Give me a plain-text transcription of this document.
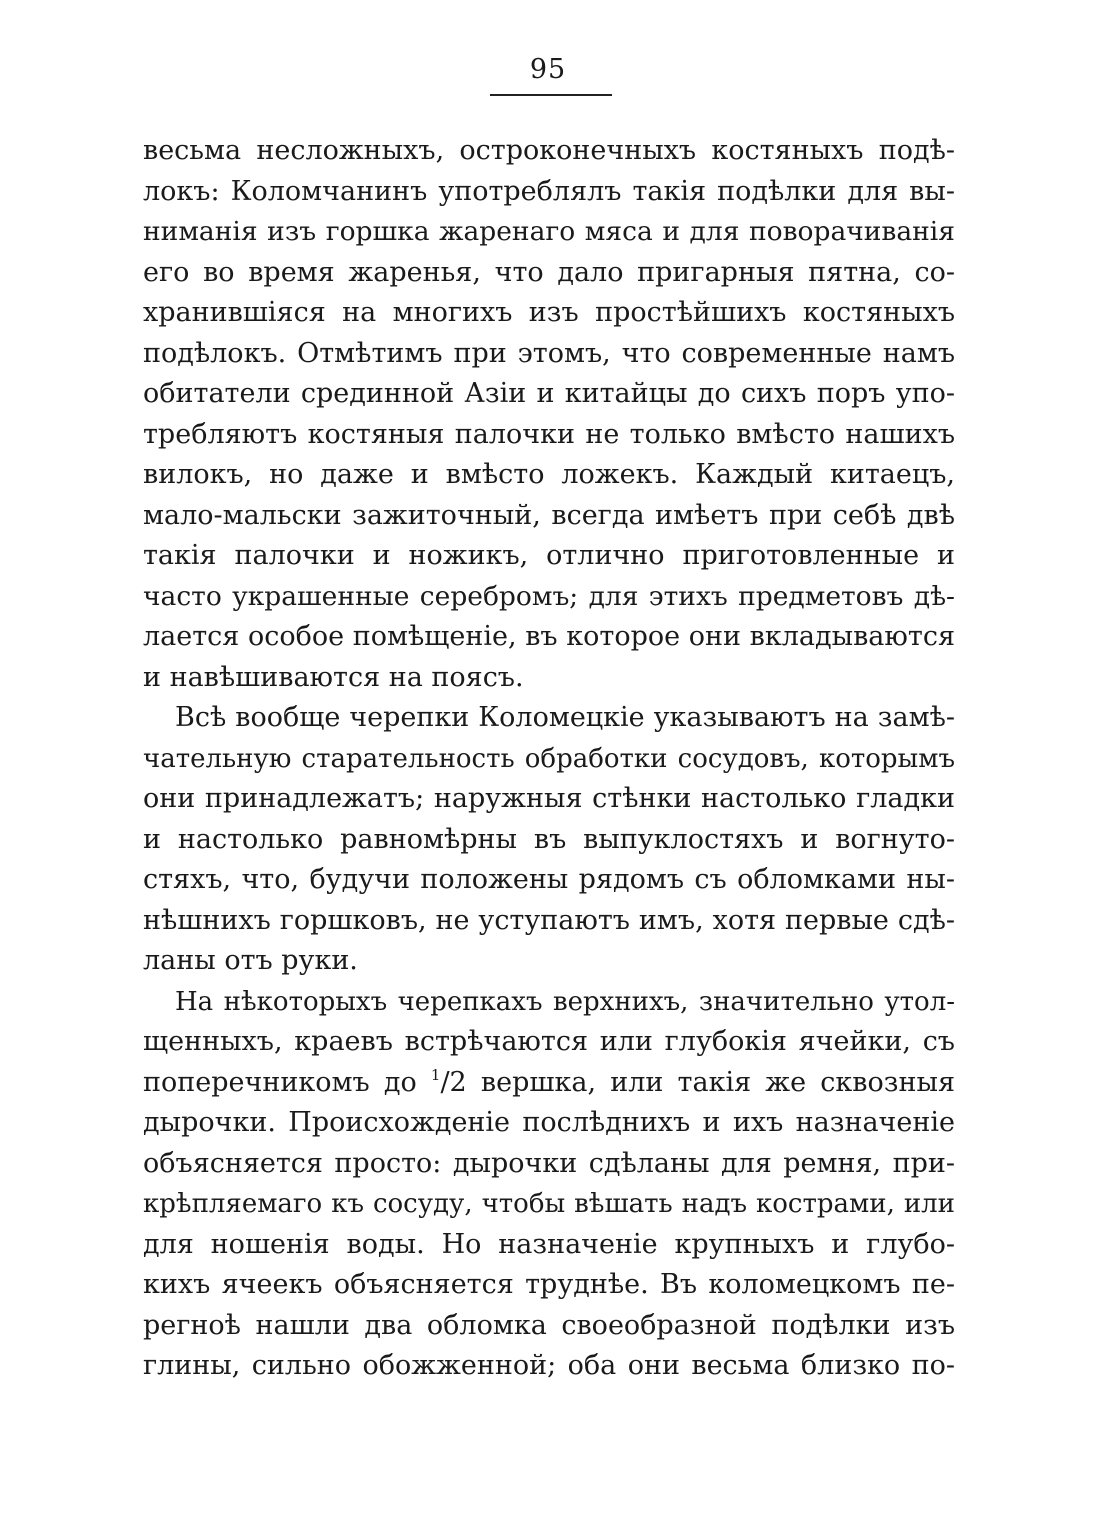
95
весьма несложныхъ, остроконечныхъ костяныхъ подѣ-
локъ: Коломчанинъ употреблялъ такія подѣлки для вы-
ниманія изъ горшка жаренаго мяса и для поворачиванія
его во время жаренья, что дало пригарныя пятна, со-
хранившіяся на многихъ изъ простѣйшихъ костяныхъ
подѣлокъ. Отмѣтимъ при этомъ, что современные намъ
обитатели срединной Азіи и китайцы до сихъ поръ упо-
требляютъ костяныя палочки не только вмѣсто нашихъ
вилокъ, но даже и вмѣсто ложекъ. Каждый китаецъ,
мало-мальски зажиточный, всегда имѣетъ при себѣ двѣ
такія палочки и ножикъ, отлично приготовленные и
часто украшенные серебромъ; для этихъ предметовъ дѣ-
лается особое помѣщеніе, въ которое они вкладываются
и навѣшиваются на поясъ.
Всѣ вообще черепки Коломецкіе указываютъ на замѣ-
чательную старательность обработки сосудовъ, которымъ
они принадлежатъ; наружныя стѣнки настолько гладки
и настолько равномѣрны въ выпуклостяхъ и вогнуто-
стяхъ, что, будучи положены рядомъ съ обломками ны-
нѣшнихъ горшковъ, не уступаютъ имъ, хотя первые сдѣ-
ланы отъ руки.
На нѣкоторыхъ черепкахъ верхнихъ, значительно утол-
щенныхъ, краевъ встрѣчаются или глубокія ячейки, съ
поперечникомъ до $^1$/2 вершка, или такія же сквозныя
дырочки. Происхожденіе послѣднихъ и ихъ назначеніе
объясняется просто: дырочки сдѣланы для ремня, при-
крѣпляемаго къ сосуду, чтобы вѣшать надъ кострами, или
для ношенія воды. Но назначеніе крупныхъ и глубо-
кихъ ячеекъ объясняется труднѣе. Въ коломецкомъ пе-
регноѣ нашли два обломка своеобразной подѣлки изъ
глины, сильно обожженной; оба они весьма близко по-
